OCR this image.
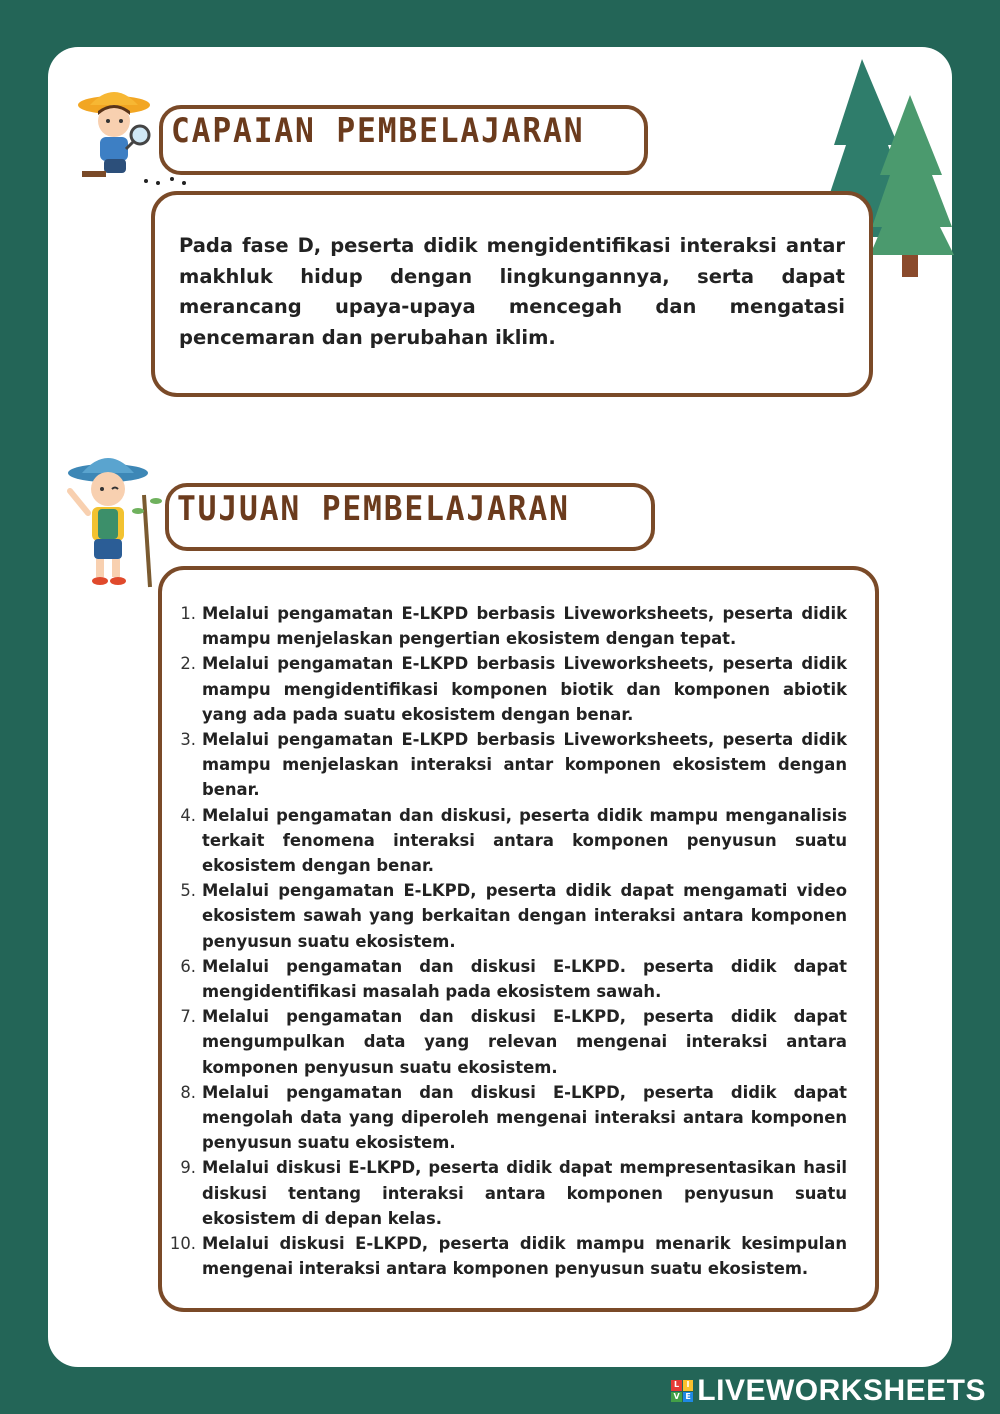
CAPAIAN PEMBELAJARAN

Pada fase D, peserta didik mengidentifikasi interaksi antar makhluk hidup dengan lingkungannya, serta dapat merancang upaya-upaya mencegah dan mengatasi pencemaran dan perubahan iklim.

TUJUAN PEMBELAJARAN
1. Melalui pengamatan E-LKPD berbasis Liveworksheets, peserta didik mampu menjelaskan pengertian ekosistem dengan tepat.
2. Melalui pengamatan E-LKPD berbasis Liveworksheets, peserta didik mampu mengidentifikasi komponen biotik dan komponen abiotik yang ada pada suatu ekosistem dengan benar.
3. Melalui pengamatan E-LKPD berbasis Liveworksheets, peserta didik mampu menjelaskan interaksi antar komponen ekosistem dengan benar.
4. Melalui pengamatan dan diskusi, peserta didik mampu menganalisis terkait fenomena interaksi antara komponen penyusun suatu ekosistem dengan benar.
5. Melalui pengamatan E-LKPD, peserta didik dapat mengamati video ekosistem sawah yang berkaitan dengan interaksi antara komponen penyusun suatu ekosistem.
6. Melalui pengamatan dan diskusi E-LKPD. peserta didik dapat mengidentifikasi masalah pada ekosistem sawah.
7. Melalui pengamatan dan diskusi E-LKPD, peserta didik dapat mengumpulkan data yang relevan mengenai interaksi antara komponen penyusun suatu ekosistem.
8. Melalui pengamatan dan diskusi E-LKPD, peserta didik dapat mengolah data yang diperoleh mengenai interaksi antara komponen penyusun suatu ekosistem.
9. Melalui diskusi E-LKPD, peserta didik dapat mempresentasikan hasil diskusi tentang interaksi antara komponen penyusun suatu ekosistem di depan kelas.
10. Melalui diskusi E-LKPD, peserta didik mampu menarik kesimpulan mengenai interaksi antara komponen penyusun suatu ekosistem.
L I
V E LIVEWORKSHEETS
